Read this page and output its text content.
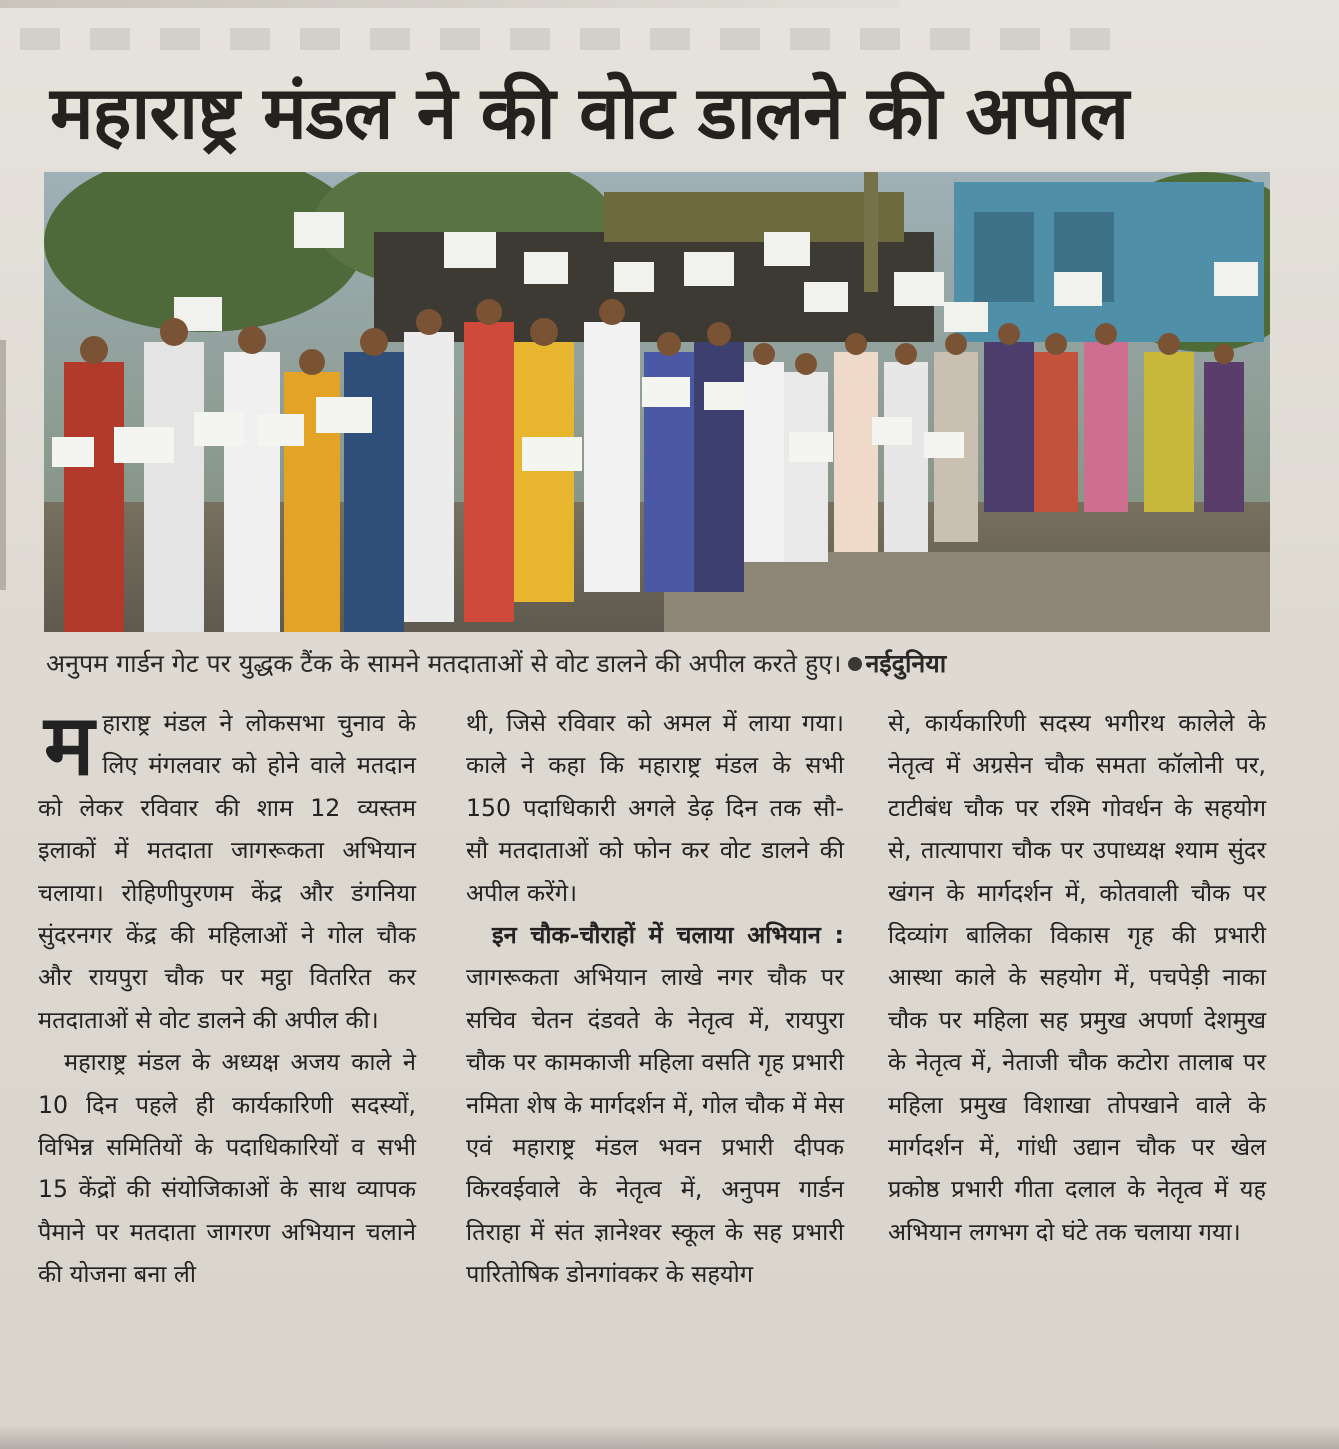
महाराष्ट्र मंडल ने की वोट डालने की अपील
अनुपम गार्डन गेट पर युद्धक टैंक के सामने मतदाताओं से वोट डालने की अपील करते हुए। नईदुनिया

महाराष्ट्र मंडल ने लोकसभा चुनाव के लिए मंगलवार को होने वाले मतदान को लेकर रविवार की शाम 12 व्यस्तम इलाकों में मतदाता जागरूकता अभियान चलाया। रोहिणीपुरणम केंद्र और डंगनिया सुंदरनगर केंद्र की महिलाओं ने गोल चौक और रायपुरा चौक पर मट्ठा वितरित कर मतदाताओं से वोट डालने की अपील की।

महाराष्ट्र मंडल के अध्यक्ष अजय काले ने 10 दिन पहले ही कार्यकारिणी सदस्यों, विभिन्न समितियों के पदाधिकारियों व सभी 15 केंद्रों की संयोजिकाओं के साथ व्यापक पैमाने पर मतदाता जागरण अभियान चलाने की योजना बना ली

थी, जिसे रविवार को अमल में लाया गया। काले ने कहा कि महाराष्ट्र मंडल के सभी 150 पदाधिकारी अगले डेढ़ दिन तक सौ- सौ मतदाताओं को फोन कर वोट डालने की अपील करेंगे।

इन चौक-चौराहों में चलाया अभियान : जागरूकता अभियान लाखे नगर चौक पर सचिव चेतन दंडवते के नेतृत्व में, रायपुरा चौक पर कामकाजी महिला वसति गृह प्रभारी नमिता शेष के मार्गदर्शन में, गोल चौक में मेस एवं महाराष्ट्र मंडल भवन प्रभारी दीपक किरवईवाले के नेतृत्व में, अनुपम गार्डन तिराहा में संत ज्ञानेश्वर स्कूल के सह प्रभारी पारितोषिक डोनगांवकर के सहयोग

से, कार्यकारिणी सदस्य भगीरथ कालेले के नेतृत्व में अग्रसेन चौक समता कॉलोनी पर, टाटीबंध चौक पर रश्मि गोवर्धन के सहयोग से, तात्यापारा चौक पर उपाध्यक्ष श्याम सुंदर खंगन के मार्गदर्शन में, कोतवाली चौक पर दिव्यांग बालिका विकास गृह की प्रभारी आस्था काले के सहयोग में, पचपेड़ी नाका चौक पर महिला सह प्रमुख अपर्णा देशमुख के नेतृत्व में, नेताजी चौक कटोरा तालाब पर महिला प्रमुख विशाखा तोपखाने वाले के मार्गदर्शन में, गांधी उद्यान चौक पर खेल प्रकोष्ठ प्रभारी गीता दलाल के नेतृत्व में यह अभियान लगभग दो घंटे तक चलाया गया।
